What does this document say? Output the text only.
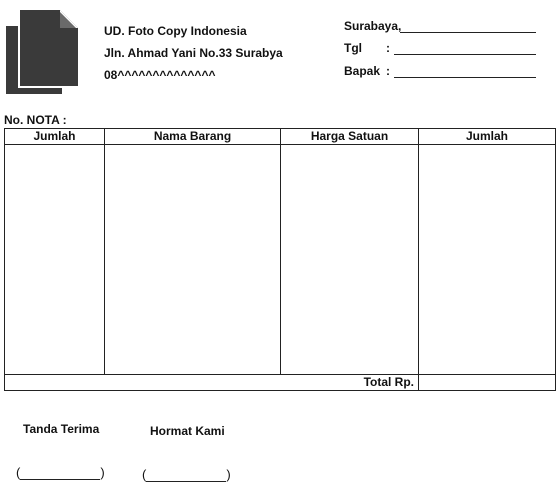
UD. Foto Copy Indonesia
Jln. Ahmad Yani No.33 Surabya
08^^^^^^^^^^^^^^
Surabaya,
Tgl :
Bapak :
No. NOTA :
Jumlah	Nama Barang	Harga Satuan	Jumlah

Total Rp.			
Tanda Terima	Hormat Kami
(	)	(	)
